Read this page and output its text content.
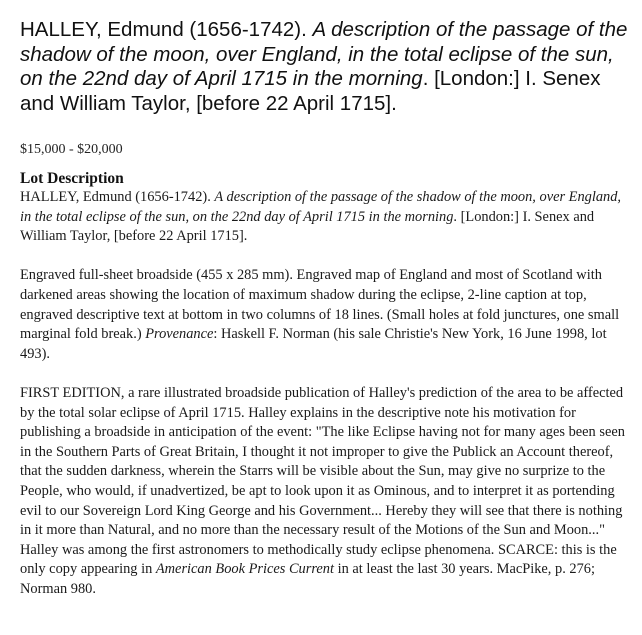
HALLEY, Edmund (1656-1742). A description of the passage of the shadow of the moon, over England, in the total eclipse of the sun, on the 22nd day of April 1715 in the morning. [London:] I. Senex and William Taylor, [before 22 April 1715].
$15,000 - $20,000
Lot Description

HALLEY, Edmund (1656-1742). A description of the passage of the shadow of the moon, over England, in the total eclipse of the sun, on the 22nd day of April 1715 in the morning. [London:] I. Senex and William Taylor, [before 22 April 1715].

Engraved full-sheet broadside (455 x 285 mm). Engraved map of England and most of Scotland with darkened areas showing the location of maximum shadow during the eclipse, 2-line caption at top, engraved descriptive text at bottom in two columns of 18 lines. (Small holes at fold junctures, one small marginal fold break.) Provenance: Haskell F. Norman (his sale Christie's New York, 16 June 1998, lot 493).

FIRST EDITION, a rare illustrated broadside publication of Halley's prediction of the area to be affected by the total solar eclipse of April 1715. Halley explains in the descriptive note his motivation for publishing a broadside in anticipation of the event: "The like Eclipse having not for many ages been seen in the Southern Parts of Great Britain, I thought it not improper to give the Publick an Account thereof, that the sudden darkness, wherein the Starrs will be visible about the Sun, may give no surprize to the People, who would, if unadvertized, be apt to look upon it as Ominous, and to interpret it as portending evil to our Sovereign Lord King George and his Government... Hereby they will see that there is nothing in it more than Natural, and no more than the necessary result of the Motions of the Sun and Moon..." Halley was among the first astronomers to methodically study eclipse phenomena. SCARCE: this is the only copy appearing in American Book Prices Current in at least the last 30 years. MacPike, p. 276; Norman 980.
